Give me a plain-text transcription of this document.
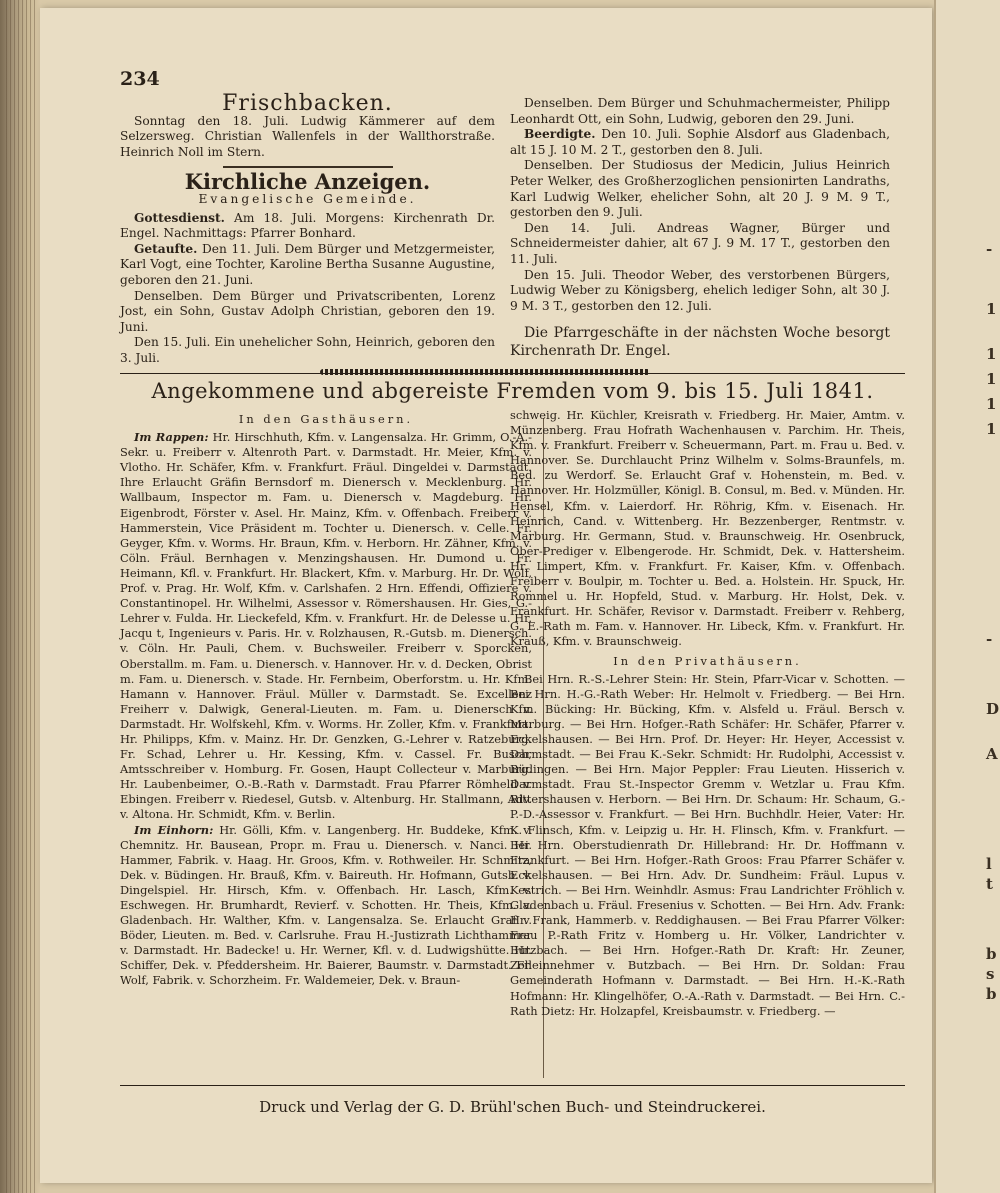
234
Frischbacken.

Sonntag den 18. Juli. Ludwig Kämmerer auf dem Selzersweg. Christian Wallenfels in der Wallthorstraße. Heinrich Noll im Stern.

Kirchliche Anzeigen.
Evangelische Gemeinde.

Gottesdienst. Am 18. Juli. Morgens: Kirchenrath Dr. Engel. Nachmittags: Pfarrer Bonhard.

Getaufte. Den 11. Juli. Dem Bürger und Metzgermeister, Karl Vogt, eine Tochter, Karoline Bertha Susanne Augustine, geboren den 21. Juni.

Denselben. Dem Bürger und Privatscribenten, Lorenz Jost, ein Sohn, Gustav Adolph Christian, geboren den 19. Juni.

Den 15. Juli. Ein unehelicher Sohn, Heinrich, geboren den 3. Juli.

Denselben. Dem Bürger und Schuhmachermeister, Philipp Leonhardt Ott, ein Sohn, Ludwig, geboren den 29. Juni.

Beerdigte. Den 10. Juli. Sophie Alsdorf aus Gladenbach, alt 15 J. 10 M. 2 T., gestorben den 8. Juli.

Denselben. Der Studiosus der Medicin, Julius Heinrich Peter Welker, des Großherzoglichen pensionirten Landraths, Karl Ludwig Welker, ehelicher Sohn, alt 20 J. 9 M. 9 T., gestorben den 9. Juli.

Den 14. Juli. Andreas Wagner, Bürger und Schneidermeister dahier, alt 67 J. 9 M. 17 T., gestorben den 11. Juli.

Den 15. Juli. Theodor Weber, des verstorbenen Bürgers, Ludwig Weber zu Königsberg, ehelich lediger Sohn, alt 30 J. 9 M. 3 T., gestorben den 12. Juli.

Die Pfarrgeschäfte in der nächsten Woche besorgt Kirchenrath Dr. Engel.

Angekommene und abgereiste Fremden vom 9. bis 15. Juli 1841.
In den Gasthäusern.

Im Rappen: Hr. Hirschhuth, Kfm. v. Langensalza. Hr. Grimm, O.-A.-Sekr. u. Freiberr v. Altenroth Part. v. Darmstadt. Hr. Meier, Kfm. v. Vlotho. Hr. Schäfer, Kfm. v. Frankfurt. Fräul. Dingeldei v. Darmstadt. Ihre Erlaucht Gräfin Bernsdorf m. Dienersch v. Mecklenburg. Hr. Wallbaum, Inspector m. Fam. u. Dienersch v. Magdeburg. Hr. Eigenbrodt, Förster v. Asel. Hr. Mainz, Kfm. v. Offenbach. Freiberr v. Hammerstein, Vice Präsident m. Tochter u. Dienersch. v. Celle. Fr. Geyger, Kfm. v. Worms. Hr. Braun, Kfm. v. Herborn. Hr. Zähner, Kfm. v. Cöln. Fräul. Bernhagen v. Menzingshausen. Hr. Dumond u. Fr. Heimann, Kfl. v. Frankfurt. Hr. Blackert, Kfm. v. Marburg. Hr. Dr. Wolf, Prof. v. Prag. Hr. Wolf, Kfm. v. Carlshafen. 2 Hrn. Effendi, Offiziere v. Constantinopel. Hr. Wilhelmi, Assessor v. Römershausen. Hr. Gies, G.-Lehrer v. Fulda. Hr. Lieckefeld, Kfm. v. Frankfurt. Hr. de Delesse u. Hr. Jacqu t, Ingenieurs v. Paris. Hr. v. Rolzhausen, R.-Gutsb. m. Dienersch. v. Cöln. Hr. Pauli, Chem. v. Buchsweiler. Freiberr v. Sporcken, Oberstallm. m. Fam. u. Dienersch. v. Hannover. Hr. v. d. Decken, Obrist m. Fam. u. Dienersch. v. Stade. Hr. Fernbeim, Oberforstm. u. Hr. Kfm. Hamann v. Hannover. Fräul. Müller v. Darmstadt. Se. Excellenz Freiherr v. Dalwigk, General-Lieuten. m. Fam. u. Dienersch v. Darmstadt. Hr. Wolfskehl, Kfm. v. Worms. Hr. Zoller, Kfm. v. Frankfurt. Hr. Philipps, Kfm. v. Mainz. Hr. Dr. Genzken, G.-Lehrer v. Ratzeburg. Fr. Schad, Lehrer u. Hr. Kessing, Kfm. v. Cassel. Fr. Busch, Amtsschreiber v. Homburg. Fr. Gosen, Haupt Collecteur v. Marburg. Hr. Laubenbeimer, O.-B.-Rath v. Darmstadt. Frau Pfarrer Römheld v. Ebingen. Freiberr v. Riedesel, Gutsb. v. Altenburg. Hr. Stallmann, Adv. v. Altona. Hr. Schmidt, Kfm. v. Berlin.

Im Einhorn: Hr. Gölli, Kfm. v. Langenberg. Hr. Buddeke, Kfm. v. Chemnitz. Hr. Bausean, Propr. m. Frau u. Dienersch. v. Nanci. Hr. Hammer, Fabrik. v. Haag. Hr. Groos, Kfm. v. Rothweiler. Hr. Schmitz, Dek. v. Büdingen. Hr. Brauß, Kfm. v. Baireuth. Hr. Hofmann, Gutsb. v. Dingelspiel. Hr. Hirsch, Kfm. v. Offenbach. Hr. Lasch, Kfm. v. Eschwegen. Hr. Brumhardt, Revierf. v. Schotten. Hr. Theis, Kfm. v. Gladenbach. Hr. Walther, Kfm. v. Langensalza. Se. Erlaucht Graf v. Böder, Lieuten. m. Bed. v. Carlsruhe. Frau H.-Justizrath Lichthammer v. Darmstadt. Hr. Badecke! u. Hr. Werner, Kfl. v. d. Ludwigshütte. Hr. Schiffer, Dek. v. Pfeddersheim. Hr. Baierer, Baumstr. v. Darmstadt. Fr. Wolf, Fabrik. v. Schorzheim. Fr. Waldemeier, Dek. v. Braun-

schweig. Hr. Küchler, Kreisrath v. Friedberg. Hr. Maier, Amtm. v. Münzenberg. Frau Hofrath Wachenhausen v. Parchim. Hr. Theis, Kfm. v. Frankfurt. Freiberr v. Scheuermann, Part. m. Frau u. Bed. v. Hannover. Se. Durchlaucht Prinz Wilhelm v. Solms-Braunfels, m. Bed. zu Werdorf. Se. Erlaucht Graf v. Hohenstein, m. Bed. v. Hannover. Hr. Holzmüller, Königl. B. Consul, m. Bed. v. Münden. Hr. Hensel, Kfm. v. Laierdorf. Hr. Röhrig, Kfm. v. Eisenach. Hr. Heinrich, Cand. v. Wittenberg. Hr. Bezzenberger, Rentmstr. v. Marburg. Hr. Germann, Stud. v. Braunschweig. Hr. Osenbruck, Ober-Prediger v. Elbengerode. Hr. Schmidt, Dek. v. Hattersheim. Hr. Limpert, Kfm. v. Frankfurt. Fr. Kaiser, Kfm. v. Offenbach. Freiberr v. Boulpir, m. Tochter u. Bed. a. Holstein. Hr. Spuck, Hr. Rommel u. Hr. Hopfeld, Stud. v. Marburg. Hr. Holst, Dek. v. Frankfurt. Hr. Schäfer, Revisor v. Darmstadt. Freiberr v. Rehberg, G. E.-Rath m. Fam. v. Hannover. Hr. Libeck, Kfm. v. Frankfurt. Hr. Krauß, Kfm. v. Braunschweig.

In den Privathäusern.

Bei Hrn. R.-S.-Lehrer Stein: Hr. Stein, Pfarr-Vicar v. Schotten. — Bei Hrn. H.-G.-Rath Weber: Hr. Helmolt v. Friedberg. — Bei Hrn. Kfm. Bücking: Hr. Bücking, Kfm. v. Alsfeld u. Fräul. Bersch v. Marburg. — Bei Hrn. Hofger.-Rath Schäfer: Hr. Schäfer, Pfarrer v. Eckelshausen. — Bei Hrn. Prof. Dr. Heyer: Hr. Heyer, Accessist v. Darmstadt. — Bei Frau K.-Sekr. Schmidt: Hr. Rudolphi, Accessist v. Büdingen. — Bei Hrn. Major Peppler: Frau Lieuten. Hisserich v. Darmstadt. Frau St.-Inspector Gremm v. Wetzlar u. Frau Kfm. Rittershausen v. Herborn. — Bei Hrn. Dr. Schaum: Hr. Schaum, G.-P.-D.-Assessor v. Frankfurt. — Bei Hrn. Buchhdlr. Heier, Vater: Hr. K. Flinsch, Kfm. v. Leipzig u. Hr. H. Flinsch, Kfm. v. Frankfurt. — Bei Hrn. Oberstudienrath Dr. Hillebrand: Hr. Dr. Hoffmann v. Frankfurt. — Bei Hrn. Hofger.-Rath Groos: Frau Pfarrer Schäfer v. Eckelshausen. — Bei Hrn. Adv. Dr. Sundheim: Fräul. Lupus v. Kestrich. — Bei Hrn. Weinhdlr. Asmus: Frau Landrichter Fröhlich v. Gladenbach u. Fräul. Fresenius v. Schotten. — Bei Hrn. Adv. Frank: Hr. Frank, Hammerb. v. Reddighausen. — Bei Frau Pfarrer Völker: Frau P.-Rath Fritz v. Homberg u. Hr. Völker, Landrichter v. Butzbach. — Bei Hrn. Hofger.-Rath Dr. Kraft: Hr. Zeuner, Zolleinnehmer v. Butzbach. — Bei Hrn. Dr. Soldan: Frau Gemeinderath Hofmann v. Darmstadt. — Bei Hrn. H.-K.-Rath Hofmann: Hr. Klingelhöfer, O.-A.-Rath v. Darmstadt. — Bei Hrn. C.-Rath Dietz: Hr. Holzapfel, Kreisbaumstr. v. Friedberg. —

Druck und Verlag der G. D. Brühl'schen Buch- und Steindruckerei.
-
1
1
1
1
1
-
D
A
l
t
b
s
b
